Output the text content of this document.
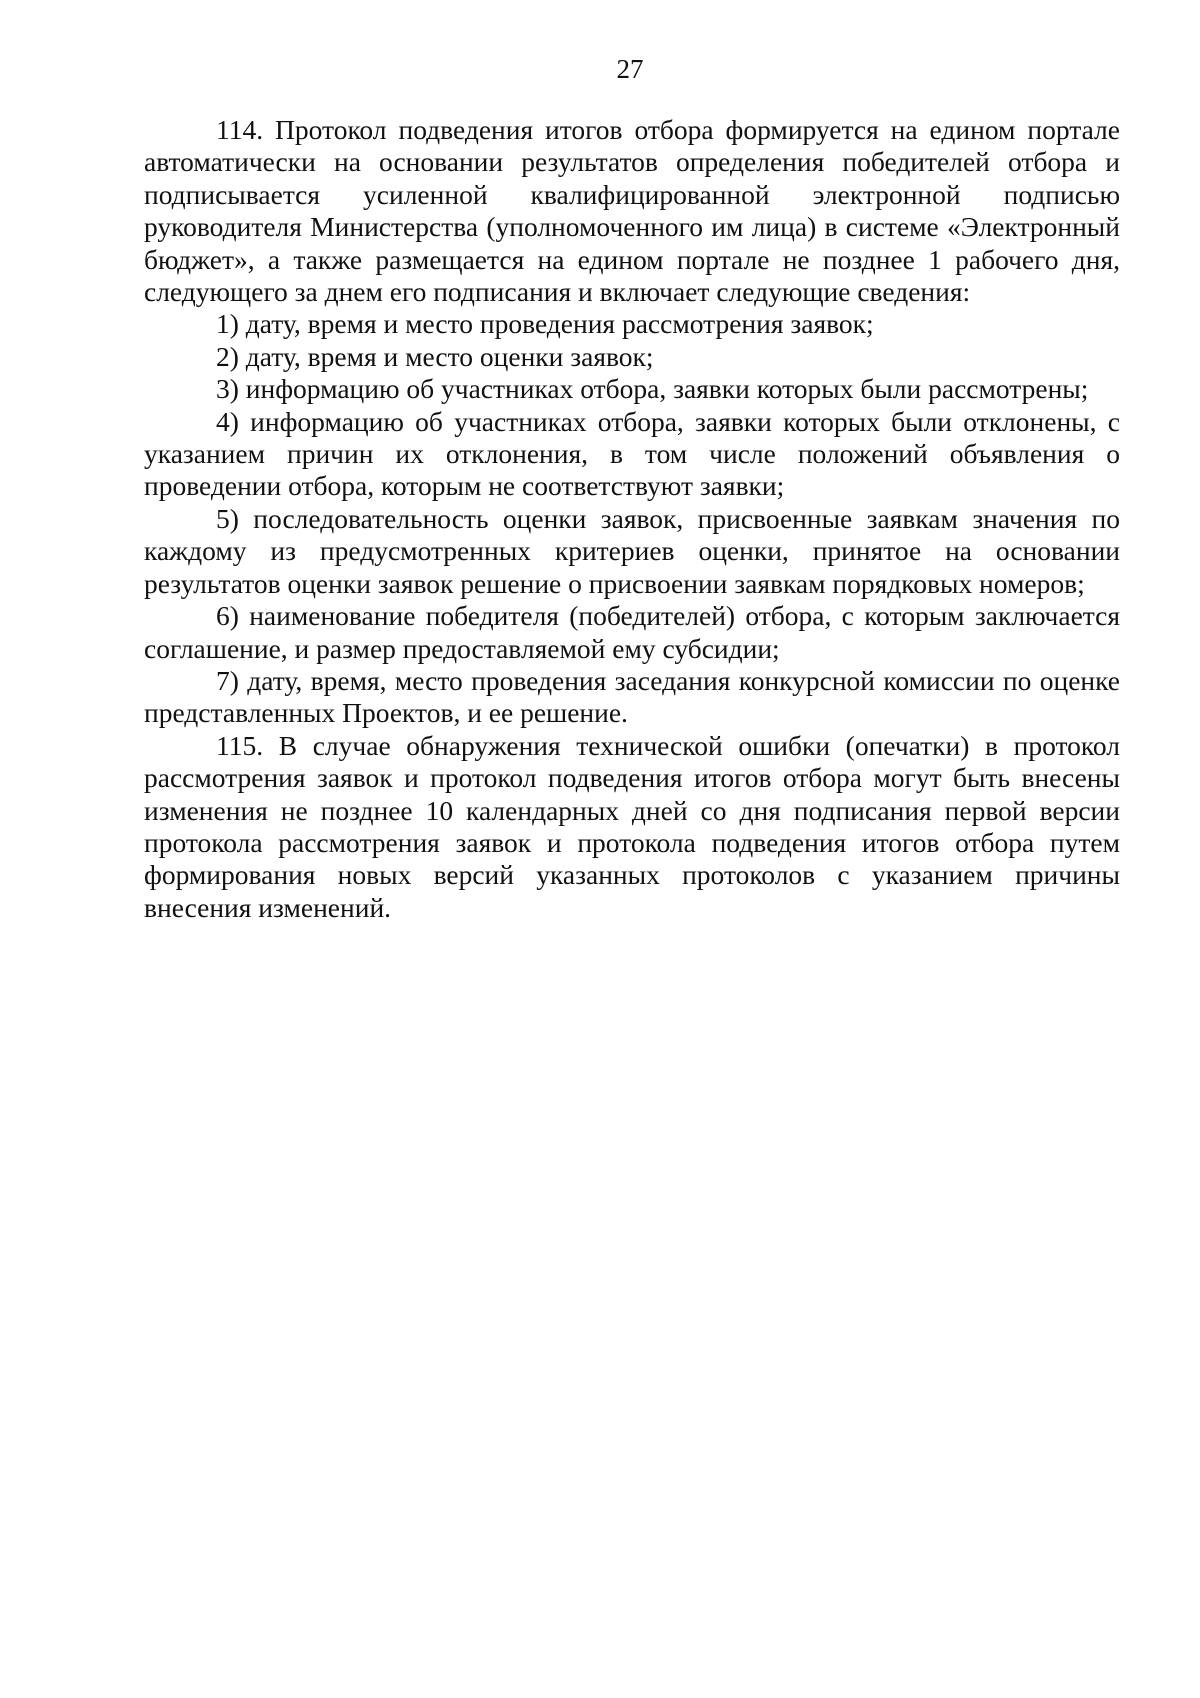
27

114. Протокол подведения итогов отбора формируется на едином портале автоматически на основании результатов определения победителей отбора и подписывается усиленной квалифицированной электронной подписью руководителя Министерства (уполномоченного им лица) в системе «Электронный бюджет», а также размещается на едином портале не позднее 1 рабочего дня, следующего за днем его подписания и включает следующие сведения:

1) дату, время и место проведения рассмотрения заявок;

2) дату, время и место оценки заявок;

3) информацию об участниках отбора, заявки которых были рассмотрены;

4) информацию об участниках отбора, заявки которых были отклонены, с указанием причин их отклонения, в том числе положений объявления о проведении отбора, которым не соответствуют заявки;

5) последовательность оценки заявок, присвоенные заявкам значения по каждому из предусмотренных критериев оценки, принятое на основании результатов оценки заявок решение о присвоении заявкам порядковых номеров;

6) наименование победителя (победителей) отбора, с которым заключается соглашение, и размер предоставляемой ему субсидии;

7) дату, время, место проведения заседания конкурсной комиссии по оценке представленных Проектов, и ее решение.

115. В случае обнаружения технической ошибки (опечатки) в протокол рассмотрения заявок и протокол подведения итогов отбора могут быть внесены изменения не позднее 10 календарных дней со дня подписания первой версии протокола рассмотрения заявок и протокола подведения итогов отбора путем формирования новых версий указанных протоколов с указанием причины внесения изменений.
